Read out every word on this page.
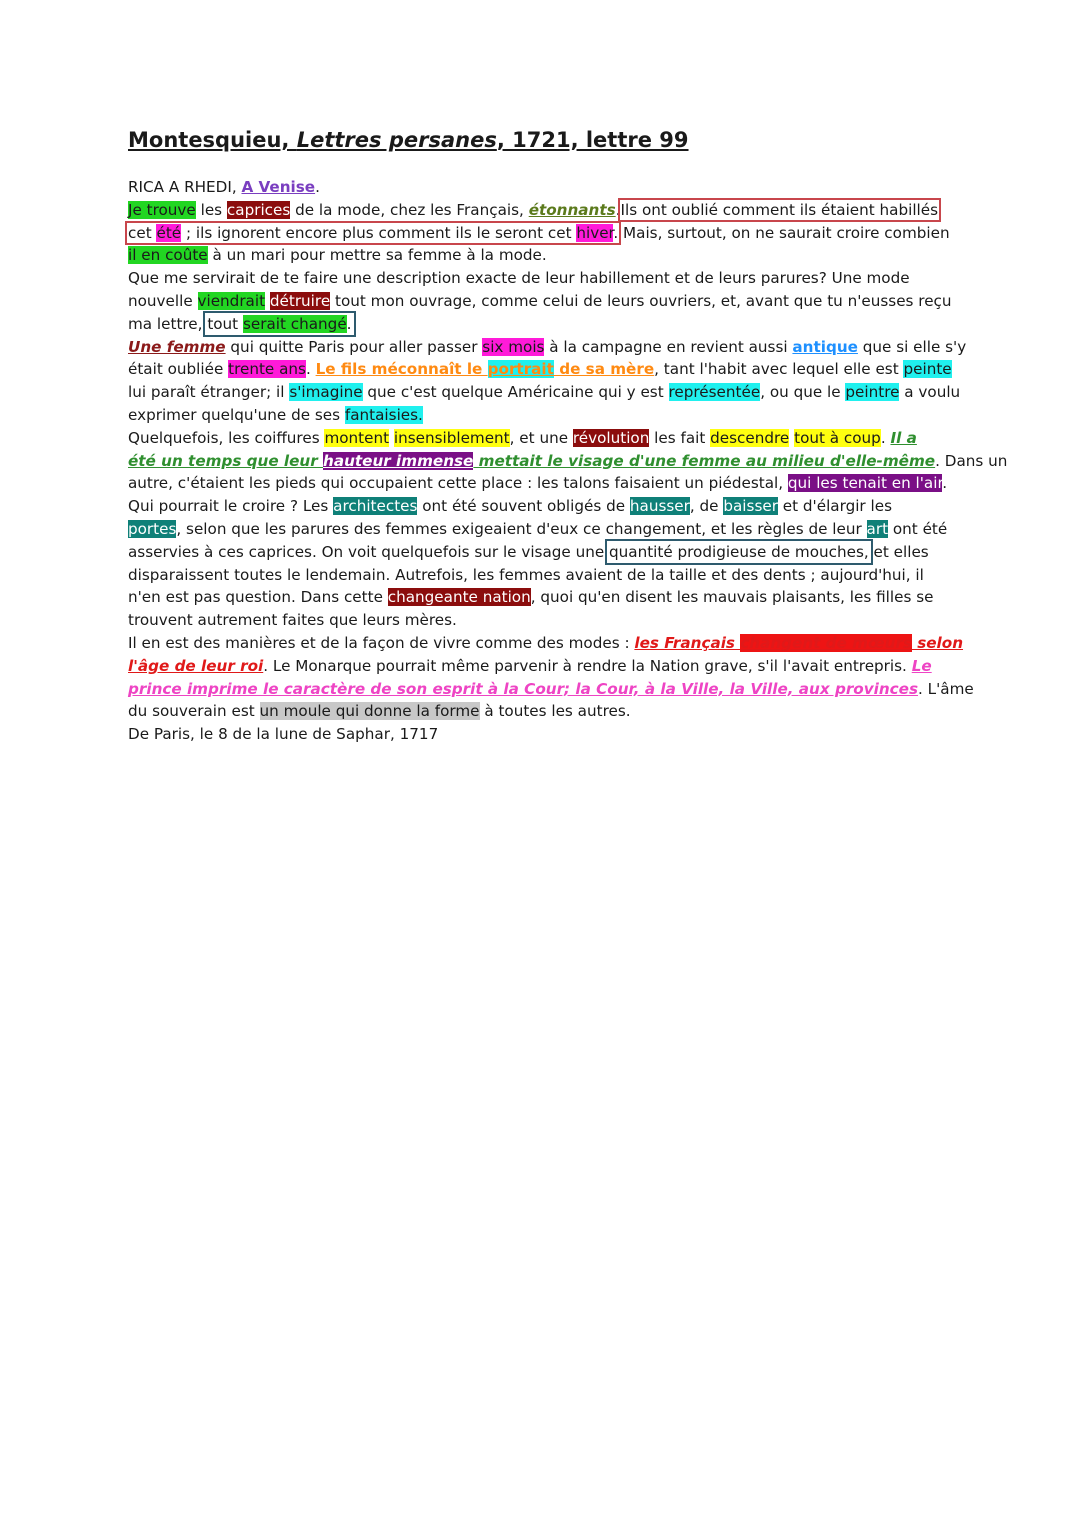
Montesquieu, Lettres persanes, 1721, lettre 99
RICA A RHEDI, A Venise.
Je trouve les caprices de la mode, chez les Français, étonnants.Ils ont oublié comment ils étaient habillés
cet été ; ils ignorent encore plus comment ils le seront cet hiver. Mais, surtout, on ne saurait croire combien
il en coûte à un mari pour mettre sa femme à la mode.
Que me servirait de te faire une description exacte de leur habillement et de leurs parures? Une mode
nouvelle viendrait détruire tout mon ouvrage, comme celui de leurs ouvriers, et, avant que tu n'eusses reçu
ma lettre, tout serait changé.
Une femme qui quitte Paris pour aller passer six mois à la campagne en revient aussi antique que si elle s'y
était oubliée trente ans. Le fils méconnaît le portrait de sa mère, tant l'habit avec lequel elle est peinte
lui paraît étranger; il s'imagine que c'est quelque Américaine qui y est représentée, ou que le peintre a voulu
exprimer quelqu'une de ses fantaisies.
Quelquefois, les coiffures montent insensiblement, et une révolution les fait descendre tout à coup. Il a
été un temps que leur hauteur immense mettait le visage d'une femme au milieu d'elle-même. Dans un
autre, c'étaient les pieds qui occupaient cette place : les talons faisaient un piédestal, qui les tenait en l'air.
Qui pourrait le croire ? Les architectes ont été souvent obligés de hausser, de baisser et d'élargir les
portes, selon que les parures des femmes exigeaient d'eux ce changement, et les règles de leur art ont été
asservies à ces caprices. On voit quelquefois sur le visage une quantité prodigieuse de mouches, et elles
disparaissent toutes le lendemain. Autrefois, les femmes avaient de la taille et des dents ; aujourd'hui, il
n'en est pas question. Dans cette changeante nation, quoi qu'en disent les mauvais plaisants, les filles se
trouvent autrement faites que leurs mères.
Il en est des manières et de la façon de vivre comme des modes : les Français changent de mœurs selon
l'âge de leur roi. Le Monarque pourrait même parvenir à rendre la Nation grave, s'il l'avait entrepris. Le
prince imprime le caractère de son esprit à la Cour; la Cour, à la Ville, la Ville, aux provinces. L'âme
du souverain est un moule qui donne la forme à toutes les autres.
De Paris, le 8 de la lune de Saphar, 1717
